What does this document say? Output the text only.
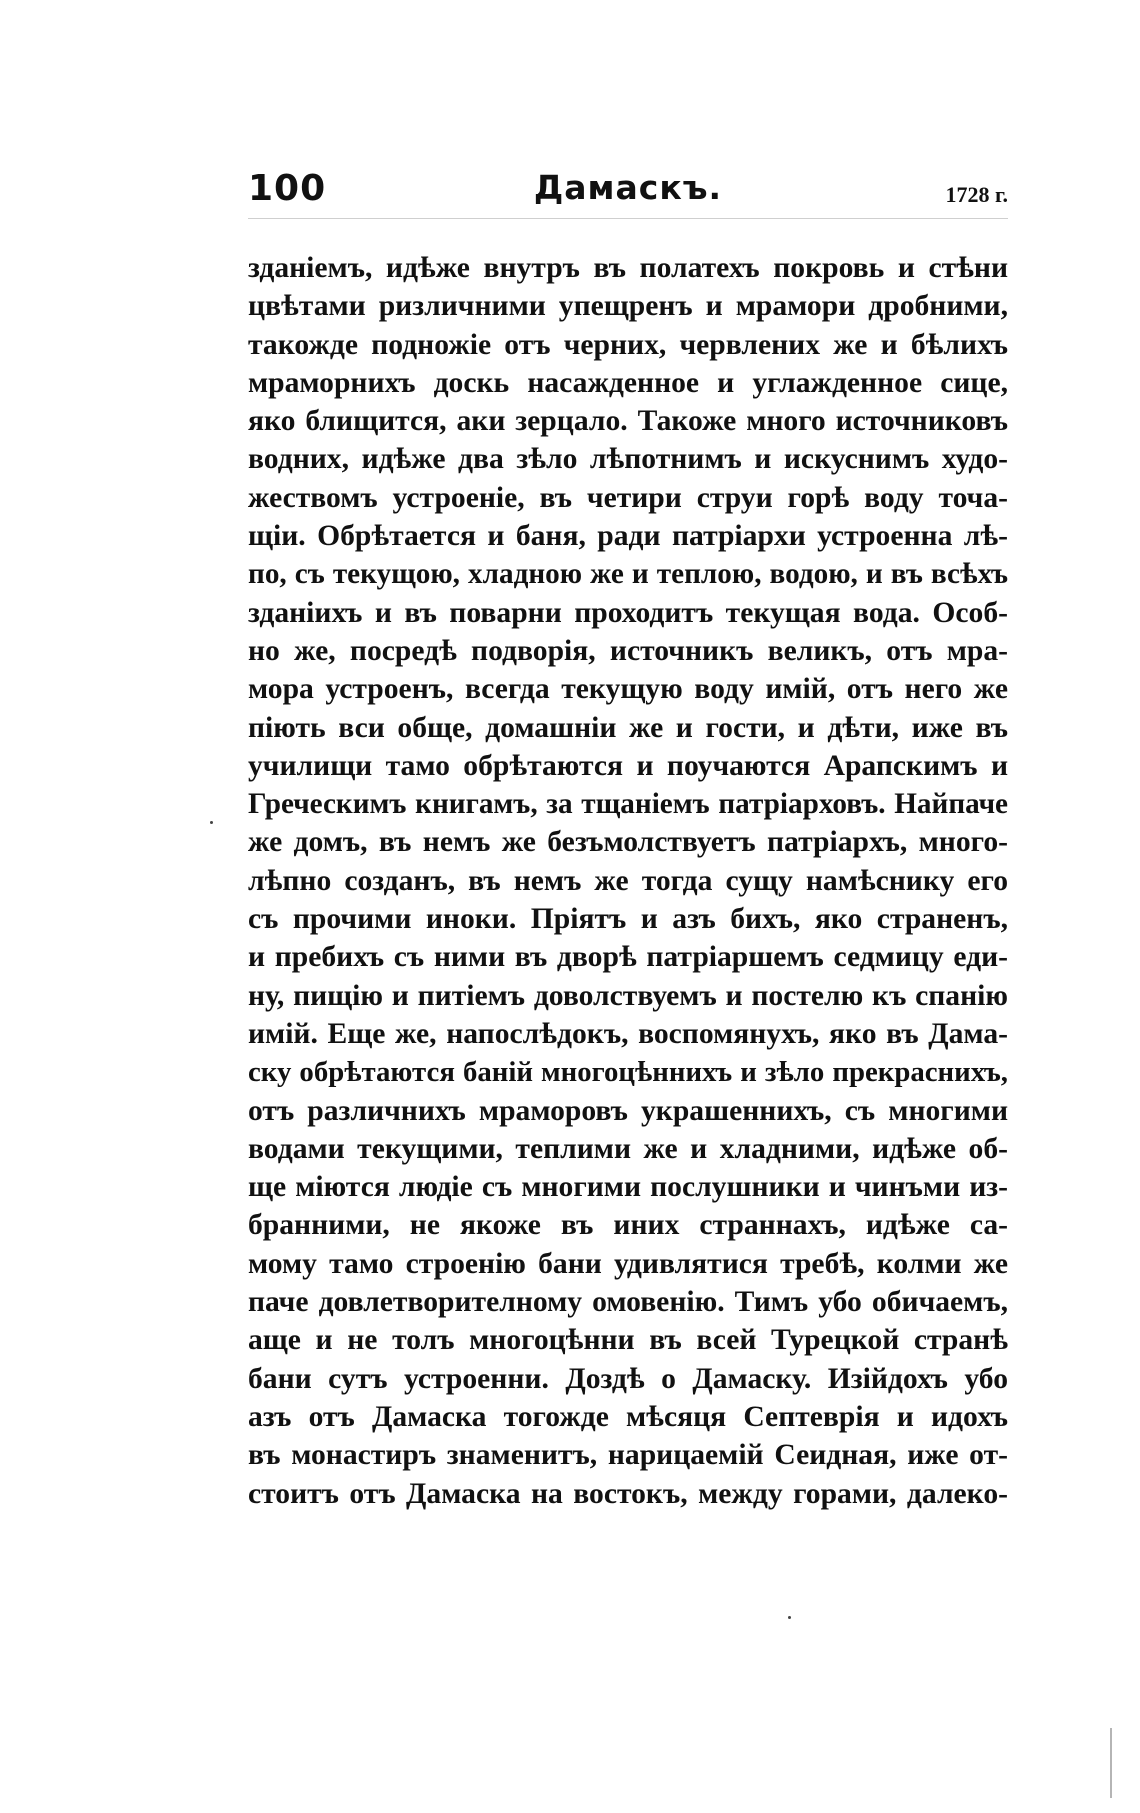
100	Дамаскъ.	1728 г.
зданіемъ, идѣже внутръ въ полатехъ покровь и стѣни
цвѣтами ризличними упещренъ и мрамори дробними,
такожде подножіе отъ черних, червлених же и бѣлихъ
мраморнихъ доскь насажденное и углажденное сице,
яко блищится, аки зерцало. Такоже много источниковъ
водних, идѣже два зѣло лѣпотнимъ и искуснимъ худо-
жествомъ устроеніе, въ четири струи горѣ воду точа-
щіи. Обрѣтается и баня, ради патріархи устроенна лѣ-
по, съ текущою, хладною же и теплою, водою, и въ всѣхъ
зданіихъ и въ поварни проходитъ текущая вода. Особ-
но же, посредѣ подворія, источникъ великъ, отъ мра-
мора устроенъ, всегда текущую воду имій, отъ него же
піють вси обще, домашніи же и гости, и дѣти, иже въ
училищи тамо обрѣтаются и поучаются Арапскимъ и
Греческимъ книгамъ, за тщаніемъ патріарховъ. Найпаче
же домъ, въ немъ же безъмолствуетъ патріархъ, много-
лѣпно созданъ, въ немъ же тогда сущу намѣснику его
съ прочими иноки. Пріятъ и азъ бихъ, яко страненъ,
и пребихъ съ ними въ дворѣ патріаршемъ седмицу еди-
ну, пищію и питіемъ доволствуемъ и постелю къ спанію
имій. Еще же, напослѣдокъ, воспомянухъ, яко въ Дама-
ску обрѣтаются баній многоцѣннихъ и зѣло прекраснихъ,
отъ различнихъ мраморовъ украшеннихъ, съ многими
водами текущими, теплими же и хладними, идѣже об-
ще міются людіе съ многими послушники и чинъми из-
бранними, не якоже въ иних страннахъ, идѣже са-
мому тамо строенію бани удивлятися требѣ, колми же
паче довлетворителному омовенію. Тимъ убо обичаемъ,
аще и не толъ многоцѣнни въ всей Турецкой странѣ
бани сутъ устроенни. Доздѣ о Дамаску. Изійдохъ убо
азъ отъ Дамаска тогожде мѣсяця Септеврія и идохъ
въ монастиръ знаменитъ, нарицаемій Сеидная, иже от-
стоитъ отъ Дамаска на востокъ, между горами, далеко-
